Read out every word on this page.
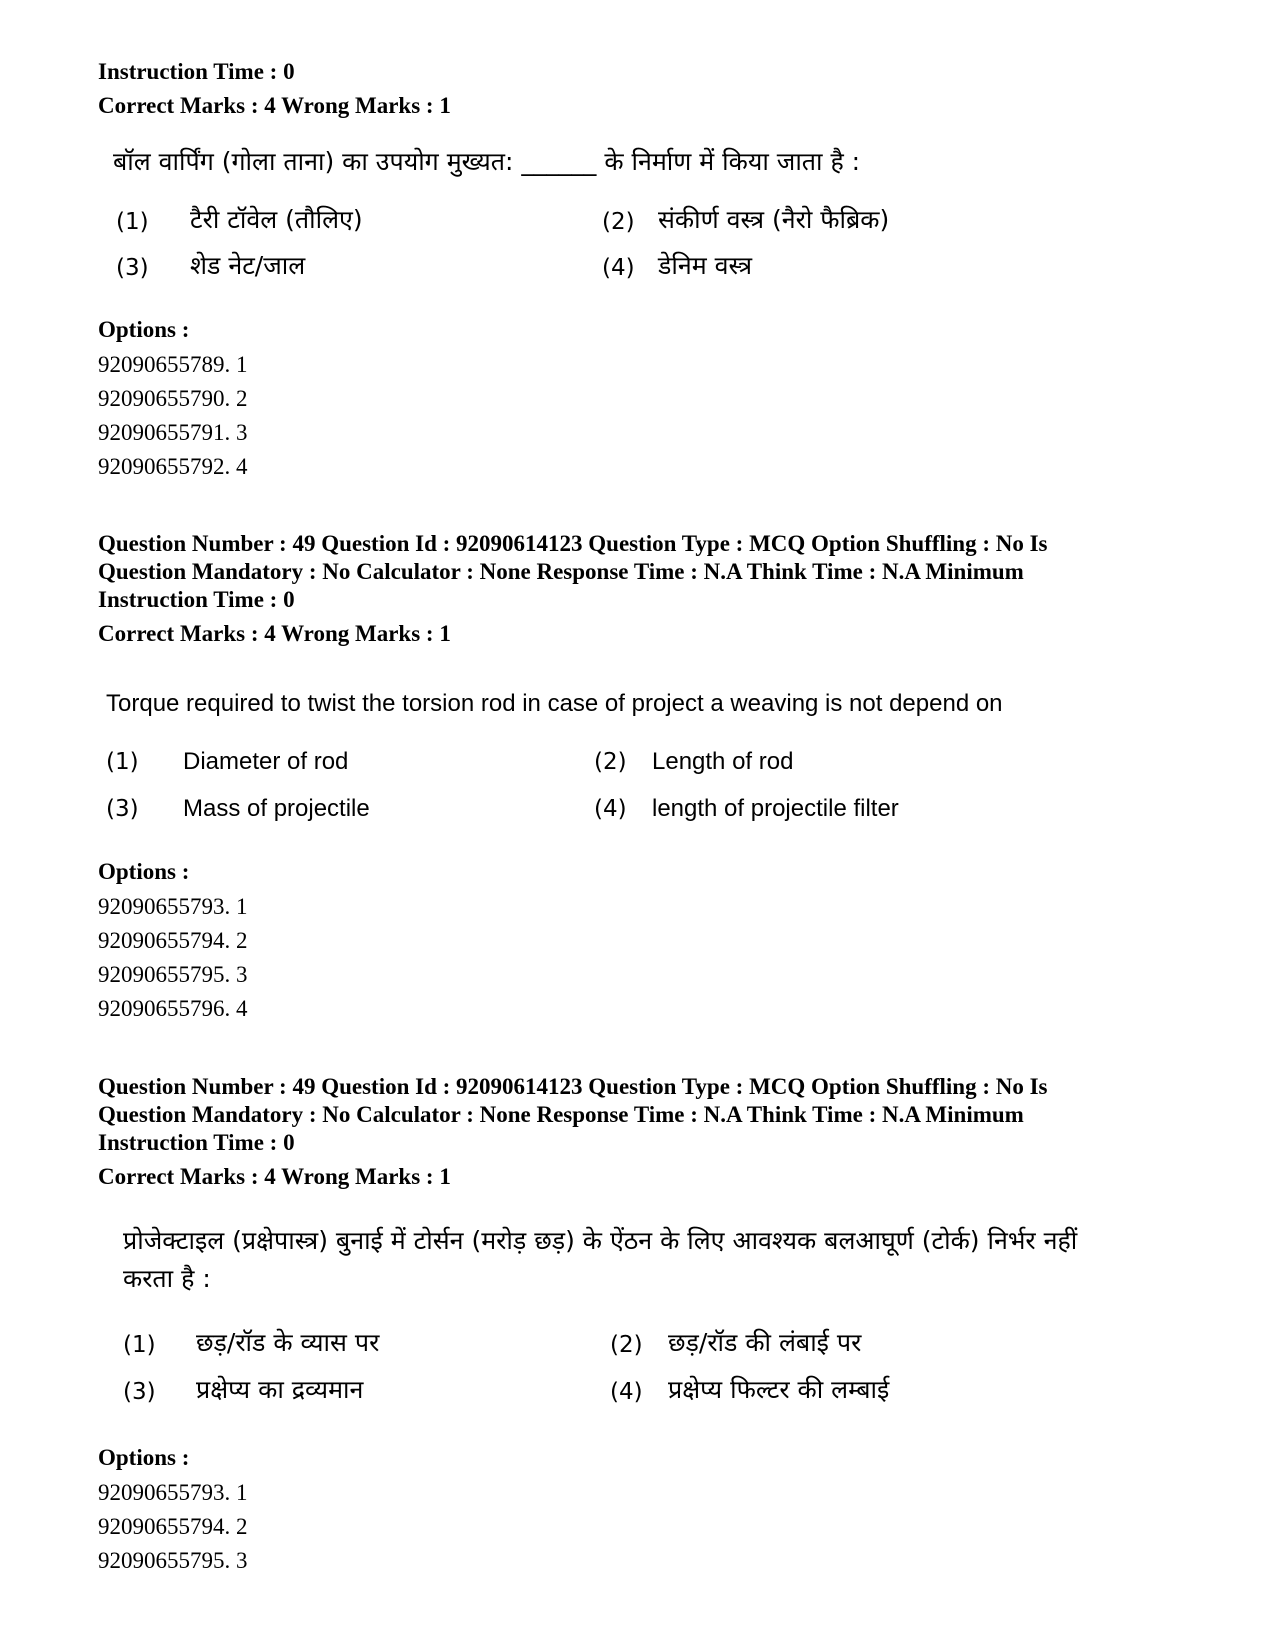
Instruction Time : 0
Correct Marks : 4 Wrong Marks : 1
बॉल वार्पिंग (गोला ताना) का उपयोग मुख्यत: ______ के निर्माण में किया जाता है :
(1) टैरी टॉवेल (तौलिए)	(2) संकीर्ण वस्त्र (नैरो फैब्रिक)
(3) शेड नेट/जाल	(4) डेनिम वस्त्र
Options :
92090655789. 1
92090655790. 2
92090655791. 3
92090655792. 4
Question Number : 49 Question Id : 92090614123 Question Type : MCQ Option Shuffling : No Is
Question Mandatory : No Calculator : None Response Time : N.A Think Time : N.A Minimum
Instruction Time : 0
Correct Marks : 4 Wrong Marks : 1
Torque required to twist the torsion rod in case of project a weaving is not depend on
(1) Diameter of rod	(2) Length of rod
(3) Mass of projectile	(4) length of projectile filter
Options :
92090655793. 1
92090655794. 2
92090655795. 3
92090655796. 4
Question Number : 49 Question Id : 92090614123 Question Type : MCQ Option Shuffling : No Is
Question Mandatory : No Calculator : None Response Time : N.A Think Time : N.A Minimum
Instruction Time : 0
Correct Marks : 4 Wrong Marks : 1
प्रोजेक्टाइल (प्रक्षेपास्त्र) बुनाई में टोर्सन (मरोड़ छड़) के ऐंठन के लिए आवश्यक बलआघूर्ण (टोर्क) निर्भर नहीं
करता है :
(1) छड़/रॉड के व्यास पर	(2) छड़/रॉड की लंबाई पर
(3) प्रक्षेप्य का द्रव्यमान	(4) प्रक्षेप्य फिल्टर की लम्बाई
Options :
92090655793. 1
92090655794. 2
92090655795. 3
